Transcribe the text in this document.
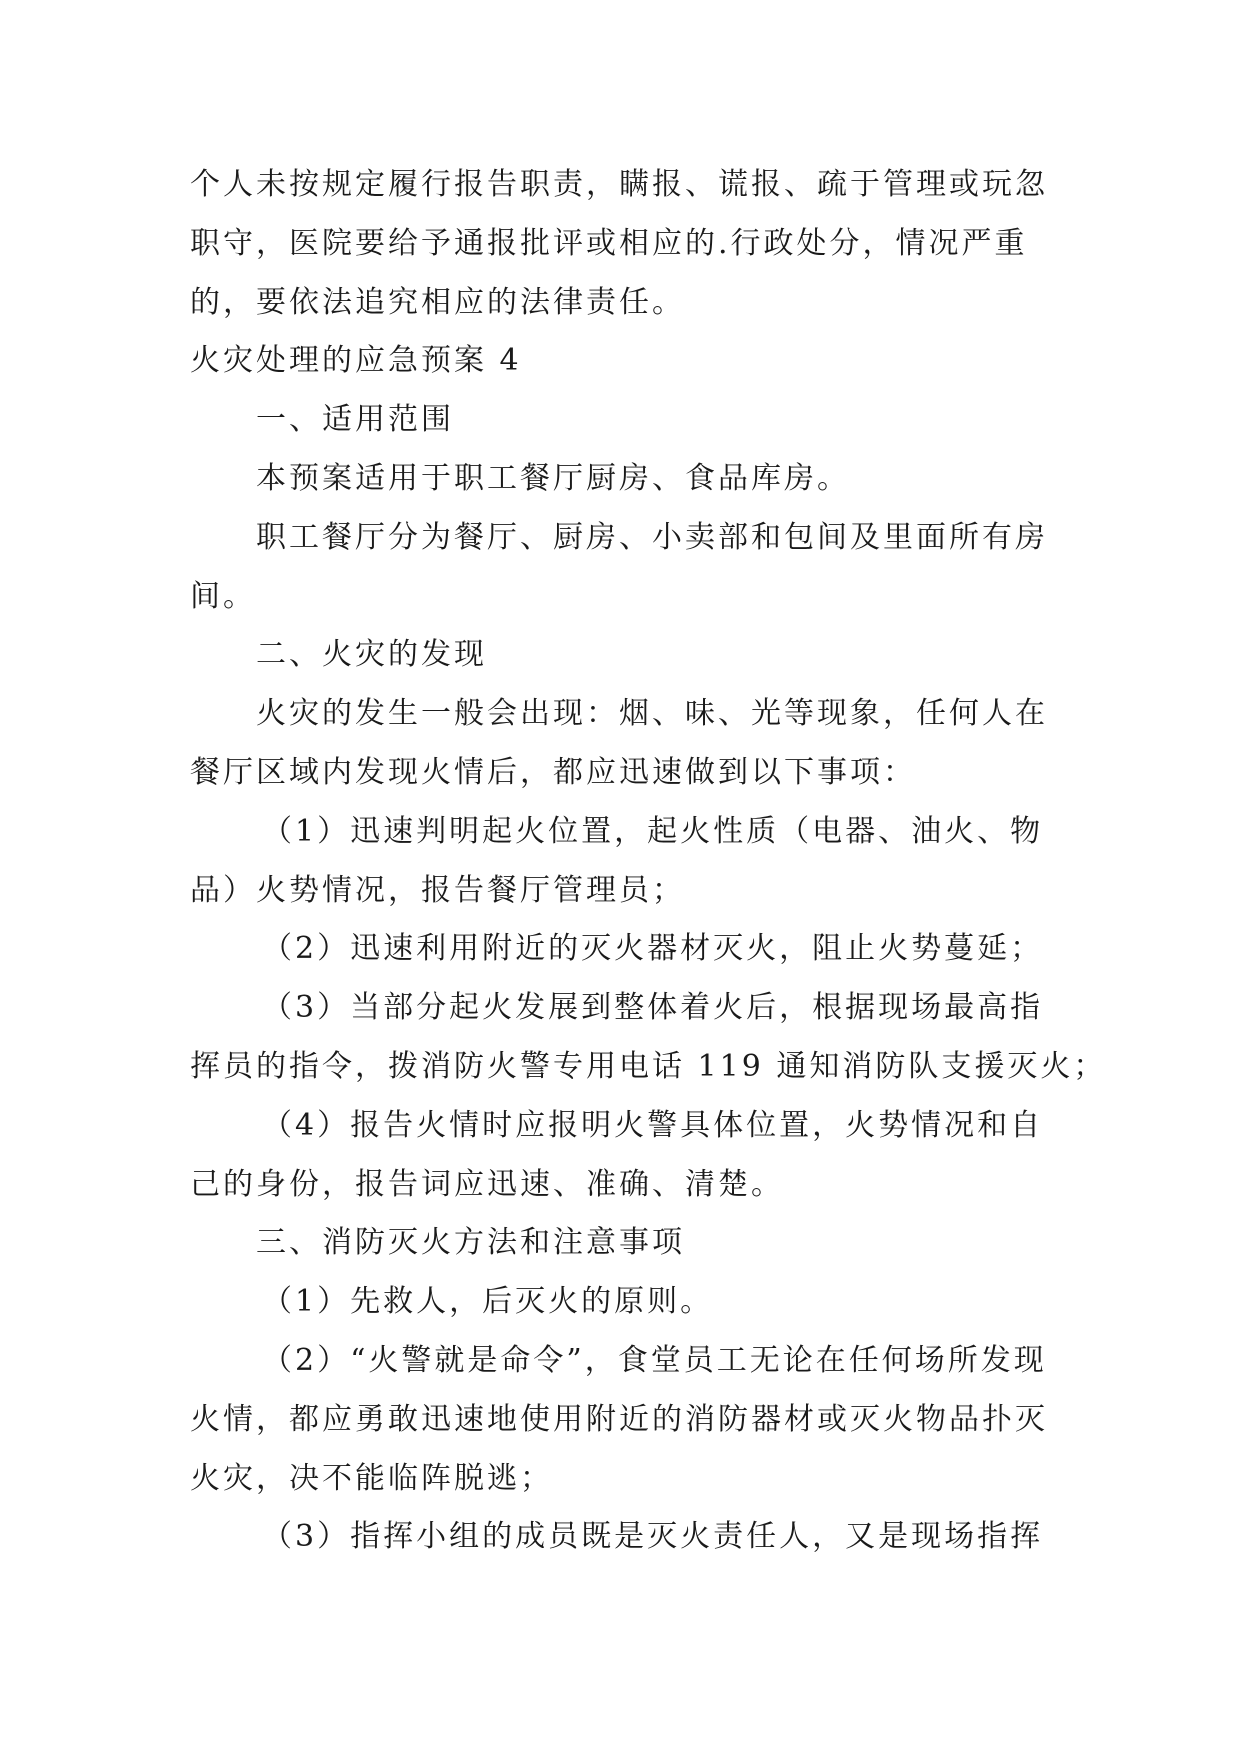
个人未按规定履行报告职责，瞒报、谎报、疏于管理或玩忽
职守，医院要给予通报批评或相应的.行政处分，情况严重
的，要依法追究相应的法律责任。
火灾处理的应急预案 4
一、适用范围
本预案适用于职工餐厅厨房、食品库房。
职工餐厅分为餐厅、厨房、小卖部和包间及里面所有房
间。
二、火灾的发现
火灾的发生一般会出现：烟、味、光等现象，任何人在
餐厅区域内发现火情后，都应迅速做到以下事项：
（1）迅速判明起火位置，起火性质（电器、油火、物
品）火势情况，报告餐厅管理员；
（2）迅速利用附近的灭火器材灭火，阻止火势蔓延；
（3）当部分起火发展到整体着火后，根据现场最高指
挥员的指令，拨消防火警专用电话 119 通知消防队支援灭火；
（4）报告火情时应报明火警具体位置，火势情况和自
己的身份，报告词应迅速、准确、清楚。
三、消防灭火方法和注意事项
（1）先救人，后灭火的原则。
（2）“火警就是命令”，食堂员工无论在任何场所发现
火情，都应勇敢迅速地使用附近的消防器材或灭火物品扑灭
火灾，决不能临阵脱逃；
（3）指挥小组的成员既是灭火责任人，又是现场指挥
